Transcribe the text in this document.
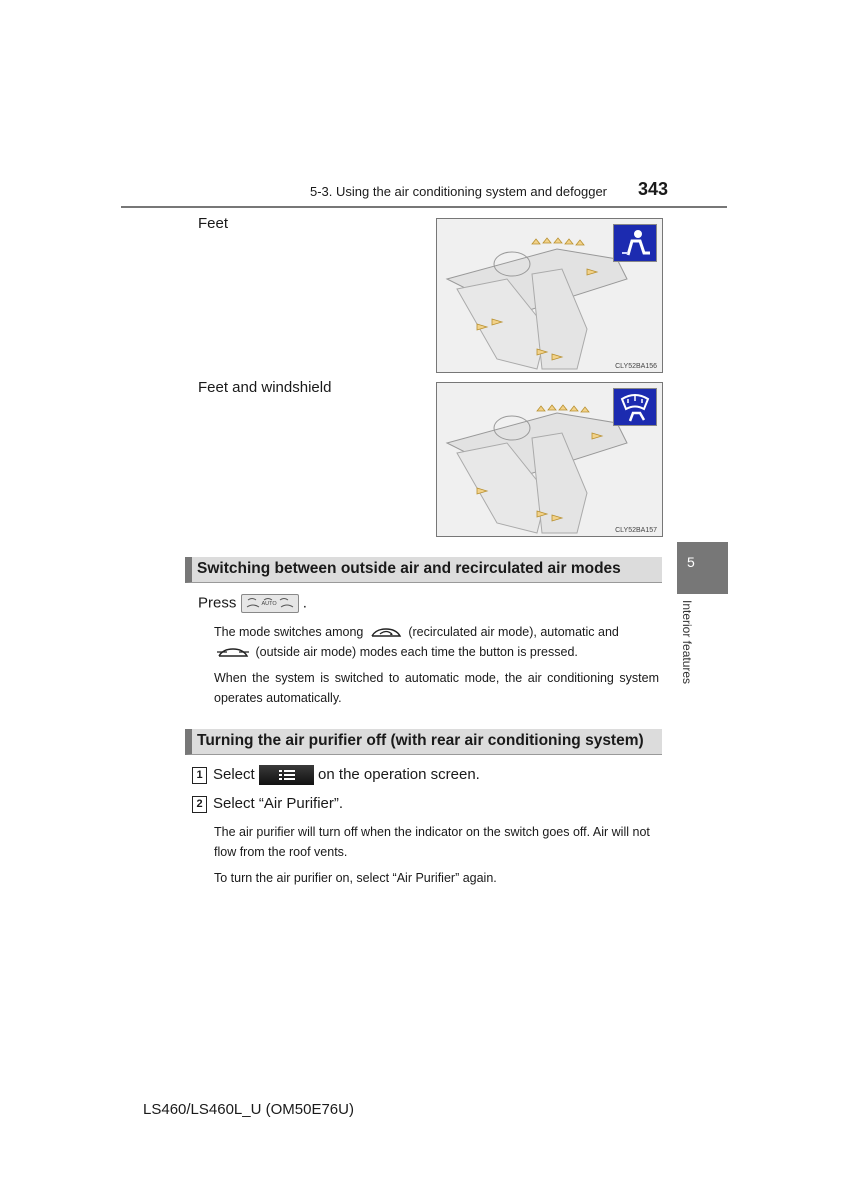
5-3. Using the air conditioning system and defogger 343
5
Interior features
Feet
CLY52BA156
Feet and windshield
CLY52BA157
Switching between outside air and recirculated air modes
Press	AUTO .
The mode switches among	(recirculated air mode), automatic and  (outside air mode) modes each time the button is pressed.
When the system is switched to automatic mode, the air conditioning system operates automatically.
Turning the air purifier off (with rear air conditioning system)
1 Select	on the operation screen.
2 Select “Air Purifier”.
The air purifier will turn off when the indicator on the switch goes off. Air will not flow from the roof vents.
To turn the air purifier on, select “Air Purifier” again.
LS460/LS460L_U (OM50E76U)
